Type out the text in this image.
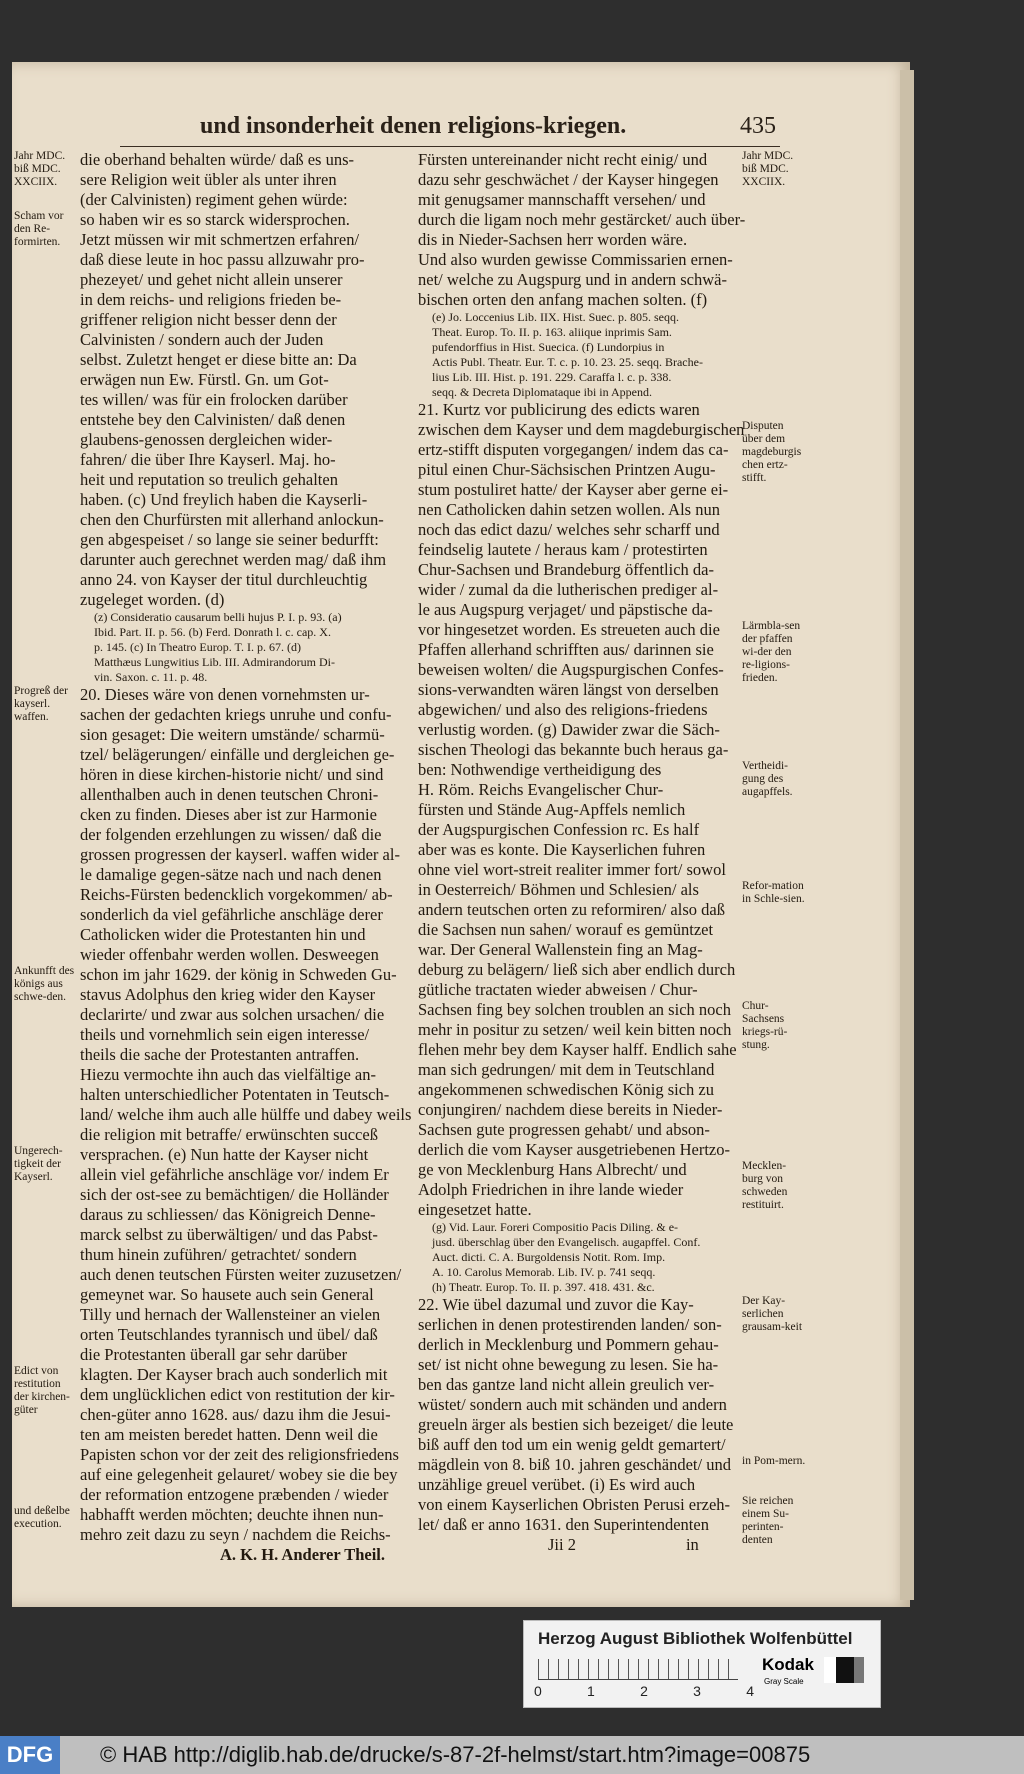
und insonderheit denen religions-kriegen.	435
die oberhand behalten würde/ daß es uns-
sere Religion weit übler als unter ihren
(der Calvinisten) regiment gehen würde:
so haben wir es so starck widersprochen.
Jetzt müssen wir mit schmertzen erfahren/
daß diese leute in hoc passu allzuwahr pro-
phezeyet/ und gehet nicht allein unserer
in dem reichs- und religions frieden be-
griffener religion nicht besser denn der
Calvinisten / sondern auch der Juden
selbst. Zuletzt henget er diese bitte an: Da
erwägen nun Ew. Fürstl. Gn. um Got-
tes willen/ was für ein frolocken darüber
entstehe bey den Calvinisten/ daß denen
glaubens-genossen dergleichen wider-
fahren/ die über Ihre Kayserl. Maj. ho-
heit und reputation so treulich gehalten
haben. (c) Und freylich haben die Kayserli-
chen den Churfürsten mit allerhand anlockun-
gen abgespeiset / so lange sie seiner bedurfft:
darunter auch gerechnet werden mag/ daß ihm
anno 24. von Kayser der titul durchleuchtig
zugeleget worden. (d)
(z) Consideratio causarum belli hujus P. I. p. 93. (a)
Ibid. Part. II. p. 56. (b) Ferd. Donrath l. c. cap. X.
p. 145. (c) In Theatro Europ. T. I. p. 67. (d)
Matthæus Lungwitius Lib. III. Admirandorum Di-
vin. Saxon. c. 11. p. 48.
20. Dieses wäre von denen vornehmsten ur-
sachen der gedachten kriegs unruhe und confu-
sion gesaget: Die weitern umstände/ scharmü-
tzel/ belägerungen/ einfälle und dergleichen ge-
hören in diese kirchen-historie nicht/ und sind
allenthalben auch in denen teutschen Chroni-
cken zu finden. Dieses aber ist zur Harmonie
der folgenden erzehlungen zu wissen/ daß die
grossen progressen der kayserl. waffen wider al-
le damalige gegen-sätze nach und nach denen
Reichs-Fürsten bedencklich vorgekommen/ ab-
sonderlich da viel gefährliche anschläge derer
Catholicken wider die Protestanten hin und
wieder offenbahr werden wollen. Desweegen
schon im jahr 1629. der könig in Schweden Gu-
stavus Adolphus den krieg wider den Kayser
declarirte/ und zwar aus solchen ursachen/ die
theils und vornehmlich sein eigen interesse/
theils die sache der Protestanten antraffen.
Hiezu vermochte ihn auch das vielfältige an-
halten unterschiedlicher Potentaten in Teutsch-
land/ welche ihm auch alle hülffe und dabey weils
die religion mit betraffe/ erwünschten succeß
versprachen. (e) Nun hatte der Kayser nicht
allein viel gefährliche anschläge vor/ indem Er
sich der ost-see zu bemächtigen/ die Holländer
daraus zu schliessen/ das Königreich Denne-
marck selbst zu überwältigen/ und das Pabst-
thum hinein zuführen/ getrachtet/ sondern
auch denen teutschen Fürsten weiter zuzusetzen/
gemeynet war. So hausete auch sein General
Tilly und hernach der Wallensteiner an vielen
orten Teutschlandes tyrannisch und übel/ daß
die Protestanten überall gar sehr darüber
klagten. Der Kayser brach auch sonderlich mit
dem unglücklichen edict von restitution der kir-
chen-güter anno 1628. aus/ dazu ihm die Jesui-
ten am meisten beredet hatten. Denn weil die
Papisten schon vor der zeit des religionsfriedens
auf eine gelegenheit gelauret/ wobey sie die bey
der reformation entzogene præbenden / wieder
habhafft werden möchten; deuchte ihnen nun-
mehro zeit dazu zu seyn / nachdem die Reichs-
A. K. H. Anderer Theil.
Fürsten untereinander nicht recht einig/ und
dazu sehr geschwächet / der Kayser hingegen
mit genugsamer mannschafft versehen/ und
durch die ligam noch mehr gestärcket/ auch über-
dis in Nieder-Sachsen herr worden wäre.
Und also wurden gewisse Commissarien ernen-
net/ welche zu Augspurg und in andern schwä-
bischen orten den anfang machen solten. (f)
(e) Jo. Loccenius Lib. IIX. Hist. Suec. p. 805. seqq.
Theat. Europ. To. II. p. 163. aliique inprimis Sam.
pufendorffius in Hist. Suecica. (f) Lundorpius in
Actis Publ. Theatr. Eur. T. c. p. 10. 23. 25. seqq. Brache-
lius Lib. III. Hist. p. 191. 229. Caraffa l. c. p. 338.
seqq. & Decreta Diplomataque ibi in Append.
21. Kurtz vor publicirung des edicts waren
zwischen dem Kayser und dem magdeburgischen
ertz-stifft disputen vorgegangen/ indem das ca-
pitul einen Chur-Sächsischen Printzen Augu-
stum postuliret hatte/ der Kayser aber gerne ei-
nen Catholicken dahin setzen wollen. Als nun
noch das edict dazu/ welches sehr scharff und
feindselig lautete / heraus kam / protestirten
Chur-Sachsen und Brandeburg öffentlich da-
wider / zumal da die lutherischen prediger al-
le aus Augspurg verjaget/ und päpstische da-
vor hingesetzet worden. Es streueten auch die
Pfaffen allerhand schrifften aus/ darinnen sie
beweisen wolten/ die Augspurgischen Confes-
sions-verwandten wären längst von derselben
abgewichen/ und also des religions-friedens
verlustig worden. (g) Dawider zwar die Säch-
sischen Theologi das bekannte buch heraus ga-
ben: Nothwendige vertheidigung des
H. Röm. Reichs Evangelischer Chur-
fürsten und Stände Aug-Apffels nemlich
der Augspurgischen Confession rc. Es half
aber was es konte. Die Kayserlichen fuhren
ohne viel wort-streit realiter immer fort/ sowol
in Oesterreich/ Böhmen und Schlesien/ als
andern teutschen orten zu reformiren/ also daß
die Sachsen nun sahen/ worauf es gemüntzet
war. Der General Wallenstein fing an Mag-
deburg zu belägern/ ließ sich aber endlich durch
gütliche tractaten wieder abweisen / Chur-
Sachsen fing bey solchen troublen an sich noch
mehr in positur zu setzen/ weil kein bitten noch
flehen mehr bey dem Kayser halff. Endlich sahe
man sich gedrungen/ mit dem in Teutschland
angekommenen schwedischen König sich zu
conjungiren/ nachdem diese bereits in Nieder-
Sachsen gute progressen gehabt/ und abson-
derlich die vom Kayser ausgetriebenen Hertzo-
ge von Mecklenburg Hans Albrecht/ und
Adolph Friedrichen in ihre lande wieder
eingesetzet hatte.
(g) Vid. Laur. Foreri Compositio Pacis Diling. & e-
jusd. überschlag über den Evangelisch. augapffel. Conf.
Auct. dicti. C. A. Burgoldensis Notit. Rom. Imp.
A. 10. Carolus Memorab. Lib. IV. p. 741 seqq.
(h) Theatr. Europ. To. II. p. 397. 418. 431. &c.
22. Wie übel dazumal und zuvor die Kay-
serlichen in denen protestirenden landen/ son-
derlich in Mecklenburg und Pommern gehau-
set/ ist nicht ohne bewegung zu lesen. Sie ha-
ben das gantze land nicht allein greulich ver-
wüstet/ sondern auch mit schänden und andern
greueln ärger als bestien sich bezeiget/ die leute
biß auff den tod um ein wenig geldt gemartert/
mägdlein von 8. biß 10. jahren geschändet/ und
unzählige greuel verübet. (i) Es wird auch
von einem Kayserlichen Obristen Perusi erzeh-
let/ daß er anno 1631. den Superintendenten
Jii 2	in
Jahr MDC. biß MDC. XXCIIX.
Scham vor den Re-formirten.
Progreß der kayserl. waffen.
Ankunfft des königs aus schwe-den.
Ungerech-tigkeit der Kayserl.
Edict von restitution der kirchen-güter
und deßelbe execution.
Jahr MDC. biß MDC. XXCIIX.
Disputen über dem magdeburgischen ertz-stifft.
Lärmbla-sen der pfaffen wi-der den re-ligions-frieden.
Vertheidi-gung des augapffels.
Refor-mation in Schle-sien.
Chur-Sachsens kriegs-rü-stung.
Mecklen-burg von schweden restituirt.
Der Kay-serlichen grausam-keit
in Pom-mern.
Sie reichen einem Su-perinten-denten
Herzog August Bibliothek Wolfenbüttel
0	1	2	3	4
Kodak
Gray Scale
DFG	© HAB http://diglib.hab.de/drucke/s-87-2f-helmst/start.htm?image=00875
